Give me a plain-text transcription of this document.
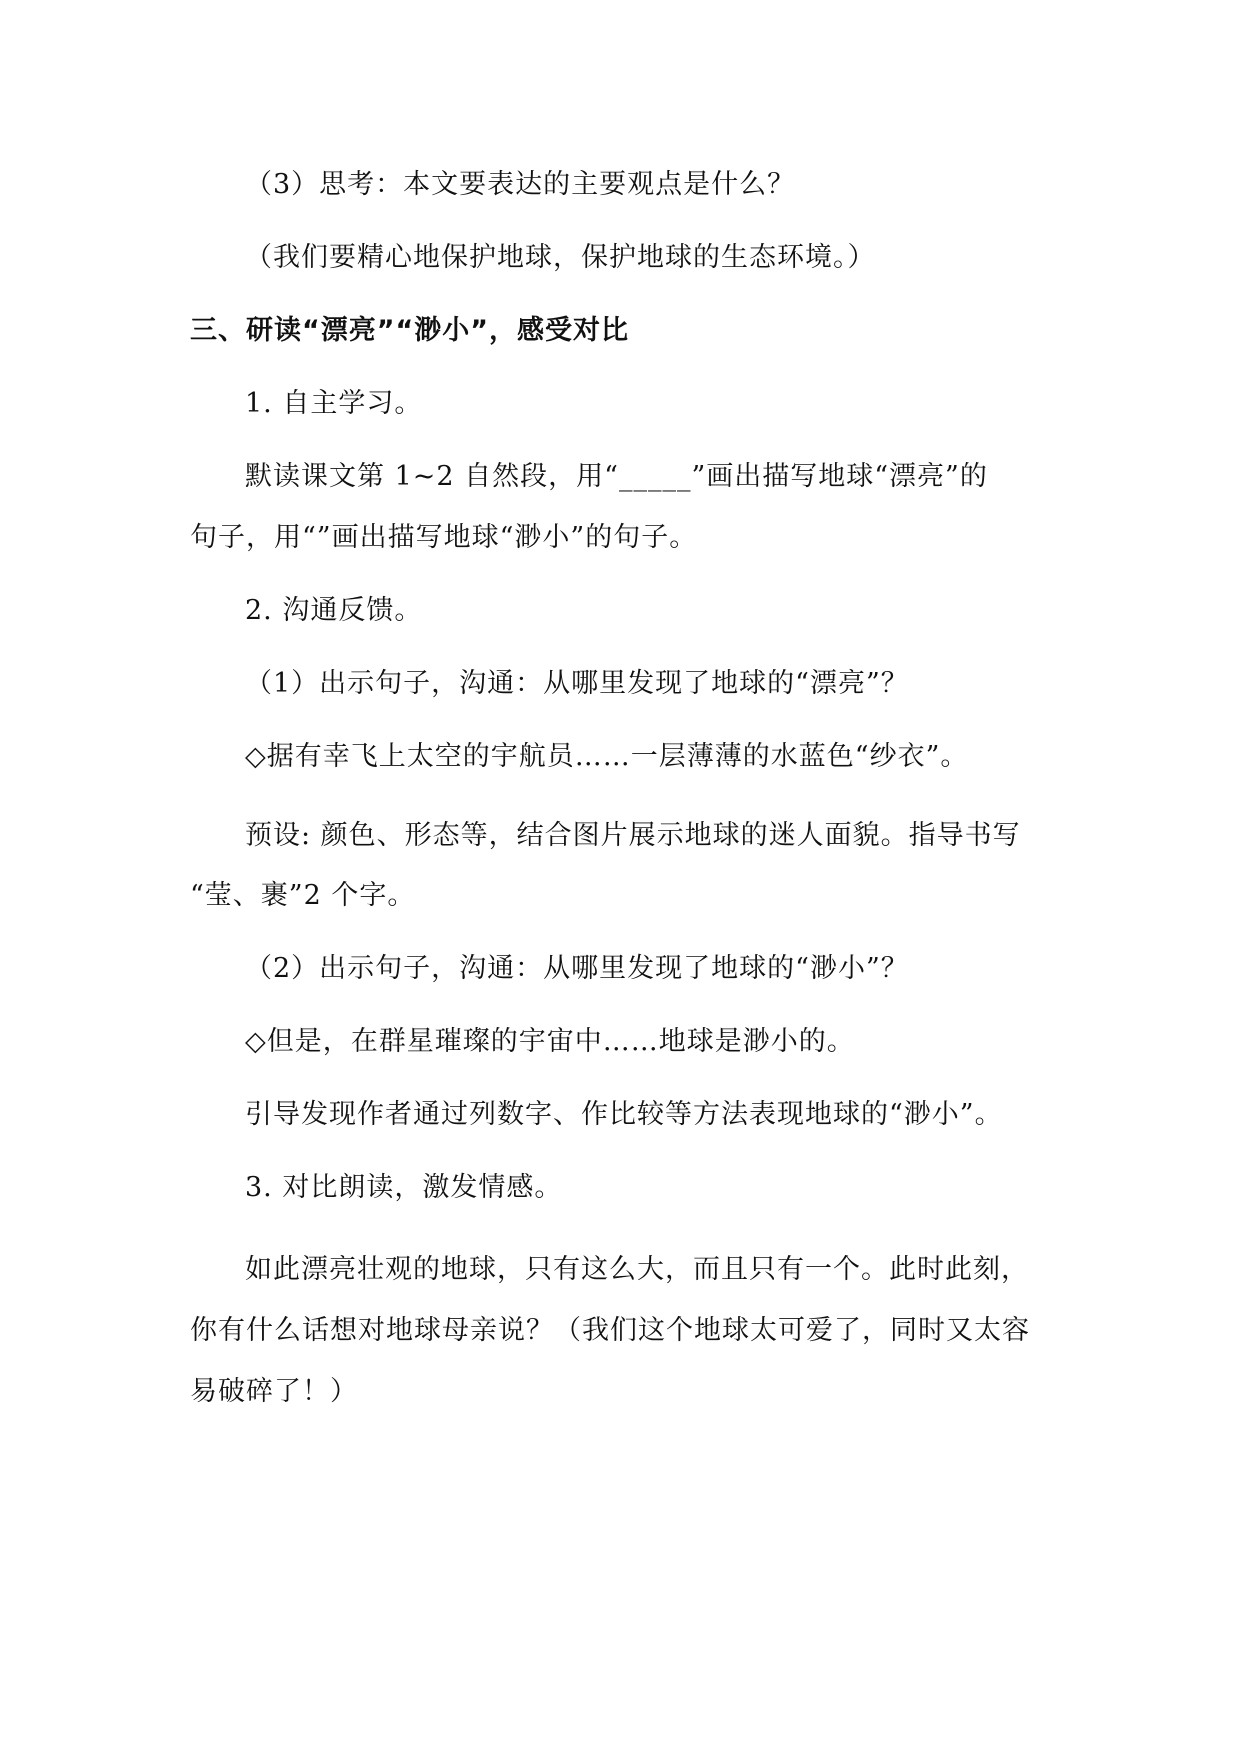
（3）思考：本文要表达的主要观点是什么？
（我们要精心地保护地球，保护地球的生态环境。）
三、研读“漂亮”“渺小”，感受对比
1. 自主学习。
默读课文第 1~2 自然段，用“_____”画出描写地球“漂亮”的
句子，用“”画出描写地球“渺小”的句子。
2. 沟通反馈。
（1）出示句子，沟通：从哪里发现了地球的“漂亮”？
◇据有幸飞上太空的宇航员……一层薄薄的水蓝色“纱衣”。
预设: 颜色、形态等，结合图片展示地球的迷人面貌。指导书写
“莹、裹”2 个字。
（2）出示句子，沟通：从哪里发现了地球的“渺小”？
◇但是，在群星璀璨的宇宙中……地球是渺小的。
引导发现作者通过列数字、作比较等方法表现地球的“渺小”。
3. 对比朗读，激发情感。
如此漂亮壮观的地球，只有这么大，而且只有一个。此时此刻，
你有什么话想对地球母亲说？（我们这个地球太可爱了，同时又太容
易破碎了！）
